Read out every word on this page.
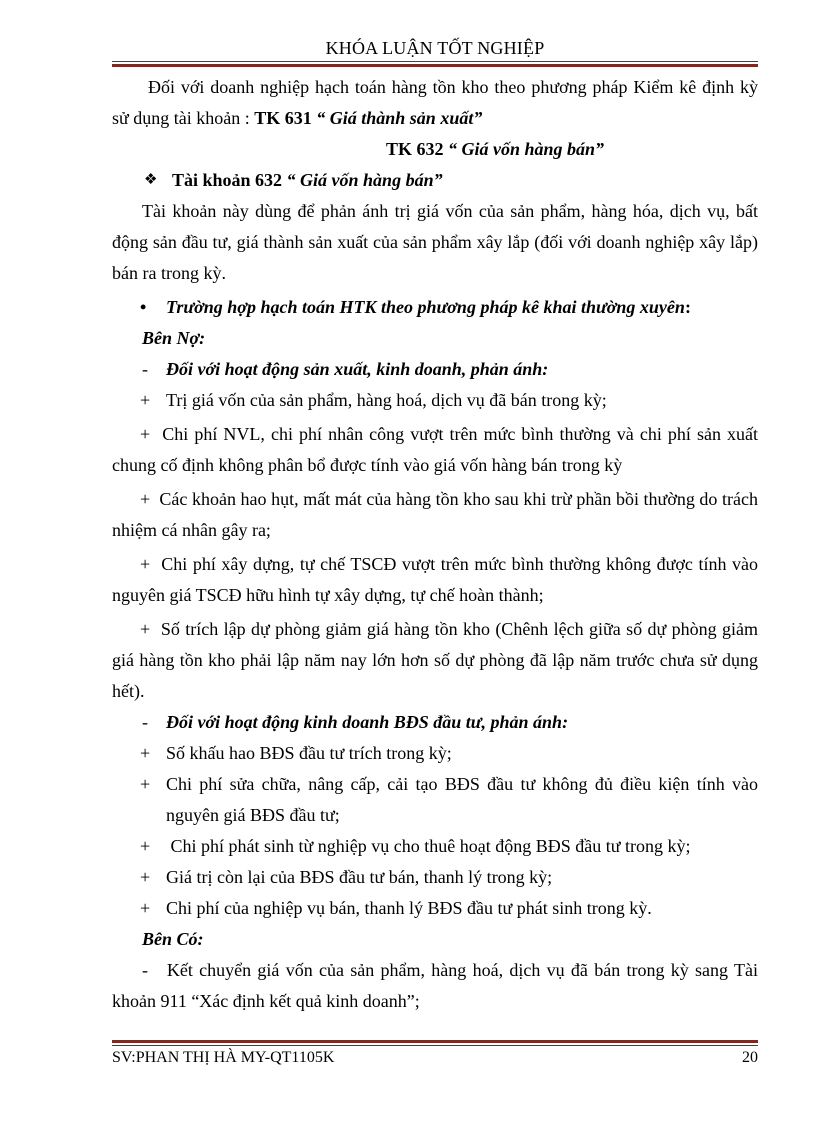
KHÓA LUẬN TỐT NGHIỆP

Đối với doanh nghiệp hạch toán hàng tồn kho theo phương pháp Kiểm kê định kỳ sử dụng tài khoản : TK 631 “ Giá thành sản xuất”

TK 632 “ Giá vốn hàng bán”

❖ Tài khoản 632 “ Giá vốn hàng bán”

Tài khoản này dùng để phản ánh trị giá vốn của sản phẩm, hàng hóa, dịch vụ, bất động sản đầu tư, giá thành sản xuất của sản phẩm xây lắp (đối với doanh nghiệp xây lắp) bán ra trong kỳ.

•	Trường hợp hạch toán HTK theo phương pháp kê khai thường xuyên:
Bên Nợ:
-	Đối với hoạt động sản xuất, kinh doanh, phản ánh:
+ Trị giá vốn của sản phẩm, hàng hoá, dịch vụ đã bán trong kỳ;

+ Chi phí NVL, chi phí nhân công vượt trên mức bình thường và chi phí sản xuất chung cố định không phân bổ được tính vào giá vốn hàng bán trong kỳ

+ Các khoản hao hụt, mất mát của hàng tồn kho sau khi trừ phần bồi thường do trách nhiệm cá nhân gây ra;

+ Chi phí xây dựng, tự chế TSCĐ vượt trên mức bình thường không được tính vào nguyên giá TSCĐ hữu hình tự xây dựng, tự chế hoàn thành;

+ Số trích lập dự phòng giảm giá hàng tồn kho (Chênh lệch giữa số dự phòng giảm giá hàng tồn kho phải lập năm nay lớn hơn số dự phòng đã lập năm trước chưa sử dụng hết).

-	Đối với hoạt động kinh doanh BĐS đầu tư, phản ánh:
+ Số khấu hao BĐS đầu tư trích trong kỳ;
+ Chi phí sửa chữa, nâng cấp, cải tạo BĐS đầu tư không đủ điều kiện tính vào nguyên giá BĐS đầu tư;
+ Chi phí phát sinh từ nghiệp vụ cho thuê hoạt động BĐS đầu tư trong kỳ;
+ Giá trị còn lại của BĐS đầu tư bán, thanh lý trong kỳ;
+ Chi phí của nghiệp vụ bán, thanh lý BĐS đầu tư phát sinh trong kỳ.
Bên Có:

- Kết chuyển giá vốn của sản phẩm, hàng hoá, dịch vụ đã bán trong kỳ sang Tài khoản 911 “Xác định kết quả kinh doanh”;

SV:PHAN THỊ HÀ MY-QT1105K	20
